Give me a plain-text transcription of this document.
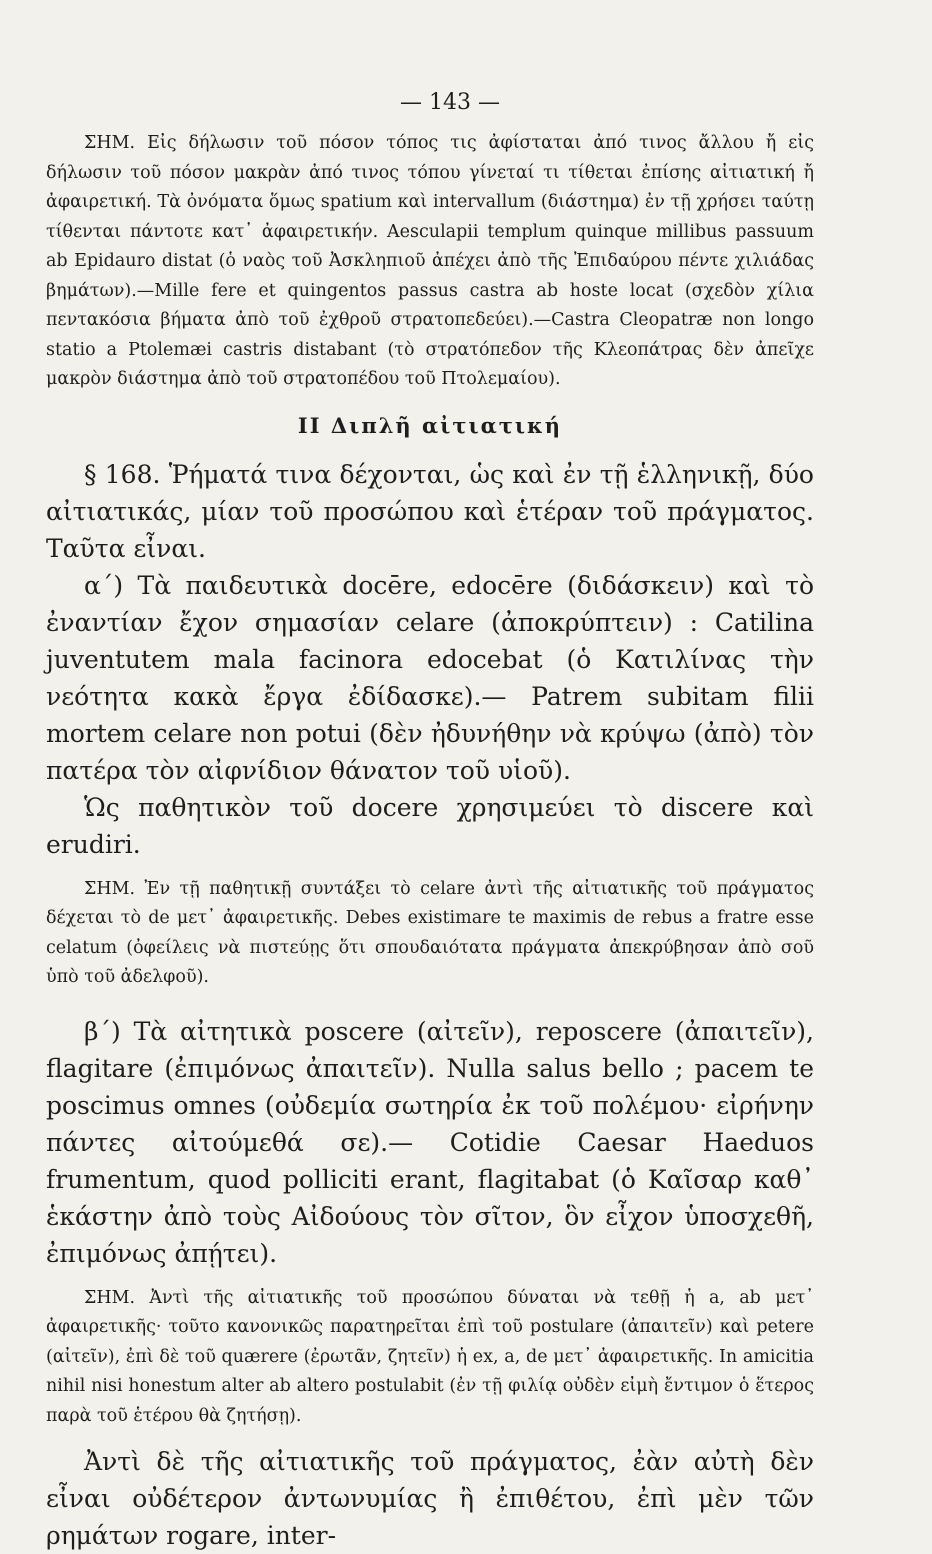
— 143 —

ΣΗΜ. Εἰς δήλωσιν τοῦ πόσον τόπος τις ἀφίσταται ἀπό τινος ἄλλου ἤ εἰς δήλωσιν τοῦ πόσον μακρὰν ἀπό τινος τόπου γίνεταί τι τίθεται ἐπίσης αἰτιατική ἤ ἀφαιρετική. Τὰ ὀνόματα ὅμως spatium καὶ intervallum (διάστημα) ἐν τῇ χρήσει ταύτῃ τίθενται πάντοτε κατ᾽ ἀφαιρετικήν. Aesculapii templum quinque millibus passuum ab Epidauro distat (ὁ ναὸς τοῦ Ἀσκληπιοῦ ἀπέχει ἀπὸ τῆς Ἐπιδαύρου πέντε χιλιάδας βημάτων).—Mille fere et quingentos passus castra ab hoste locat (σχεδὸν χίλια πεντακόσια βήματα ἀπὸ τοῦ ἐχθροῦ στρατοπεδεύει).—Castra Cleopatræ non longo statio a Ptolemæi castris distabant (τὸ στρατόπεδον τῆς Κλεοπάτρας δὲν ἀπεῖχε μακρὸν διάστημα ἀπὸ τοῦ στρατοπέδου τοῦ Πτολεμαίου).

ΙΙ Διπλῆ αἰτιατική

§ 168. Ῥήματά τινα δέχονται, ὡς καὶ ἐν τῇ ἑλληνικῇ, δύο αἰτιατικάς, μίαν τοῦ προσώπου καὶ ἑτέραν τοῦ πράγματος. Ταῦτα εἶναι.

α΄) Τὰ παιδευτικὰ docēre, edocēre (διδάσκειν) καὶ τὸ ἐναντίαν ἔχον σημασίαν celare (ἀποκρύπτειν) : Catilina juventutem mala facinora edocebat (ὁ Κατιλίνας τὴν νεότητα κακὰ ἔργα ἐδίδασκε).— Patrem subitam filii mortem celare non potui (δὲν ἠδυνήθην νὰ κρύψω (ἀπὸ) τὸν πατέρα τὸν αἰφνίδιον θάνατον τοῦ υἱοῦ).

Ὡς παθητικὸν τοῦ docere χρησιμεύει τὸ discere καὶ erudiri.

ΣΗΜ. Ἐν τῇ παθητικῇ συντάξει τὸ celare ἀντὶ τῆς αἰτιατικῆς τοῦ πράγματος δέχεται τὸ de μετ᾽ ἀφαιρετικῆς. Debes existimare te maximis de rebus a fratre esse celatum (ὀφείλεις νὰ πιστεύῃς ὅτι σπουδαιότατα πράγματα ἀπεκρύβησαν ἀπὸ σοῦ ὑπὸ τοῦ ἀδελφοῦ).

β΄) Τὰ αἰτητικὰ poscere (αἰτεῖν), reposcere (ἀπαιτεῖν), flagitare (ἐπιμόνως ἀπαιτεῖν). Nulla salus bello ; pacem te poscimus omnes (οὐδεμία σωτηρία ἐκ τοῦ πολέμου· εἰρήνην πάντες αἰτούμεθά σε).— Cotidie Caesar Haeduos frumentum, quod polliciti erant, flagitabat (ὁ Καῖσαρ καθ᾽ ἑκάστην ἀπὸ τοὺς Αἰδούους τὸν σῖτον, ὃν εἶχον ὑποσχεθῆ, ἐπιμόνως ἀπῄτει).

ΣΗΜ. Ἀντὶ τῆς αἰτιατικῆς τοῦ προσώπου δύναται νὰ τεθῇ ἡ a, ab μετ᾽ ἀφαιρετικῆς· τοῦτο κανονικῶς παρατηρεῖται ἐπὶ τοῦ postulare (ἀπαιτεῖν) καὶ petere (αἰτεῖν), ἐπὶ δὲ τοῦ quærere (ἐρωτᾶν, ζητεῖν) ἡ ex, a, de μετ᾽ ἀφαιρετικῆς. In amicitia nihil nisi honestum alter ab altero postulabit (ἐν τῇ φιλίᾳ οὐδὲν εἰμὴ ἔντιμον ὁ ἕτερος παρὰ τοῦ ἑτέρου θὰ ζητήσῃ).

Ἀντὶ δὲ τῆς αἰτιατικῆς τοῦ πράγματος, ἐὰν αὐτὴ δὲν εἶναι οὐδέτερον ἀντωνυμίας ἢ ἐπιθέτου, ἐπὶ μὲν τῶν ρημάτων rogare, inter-
